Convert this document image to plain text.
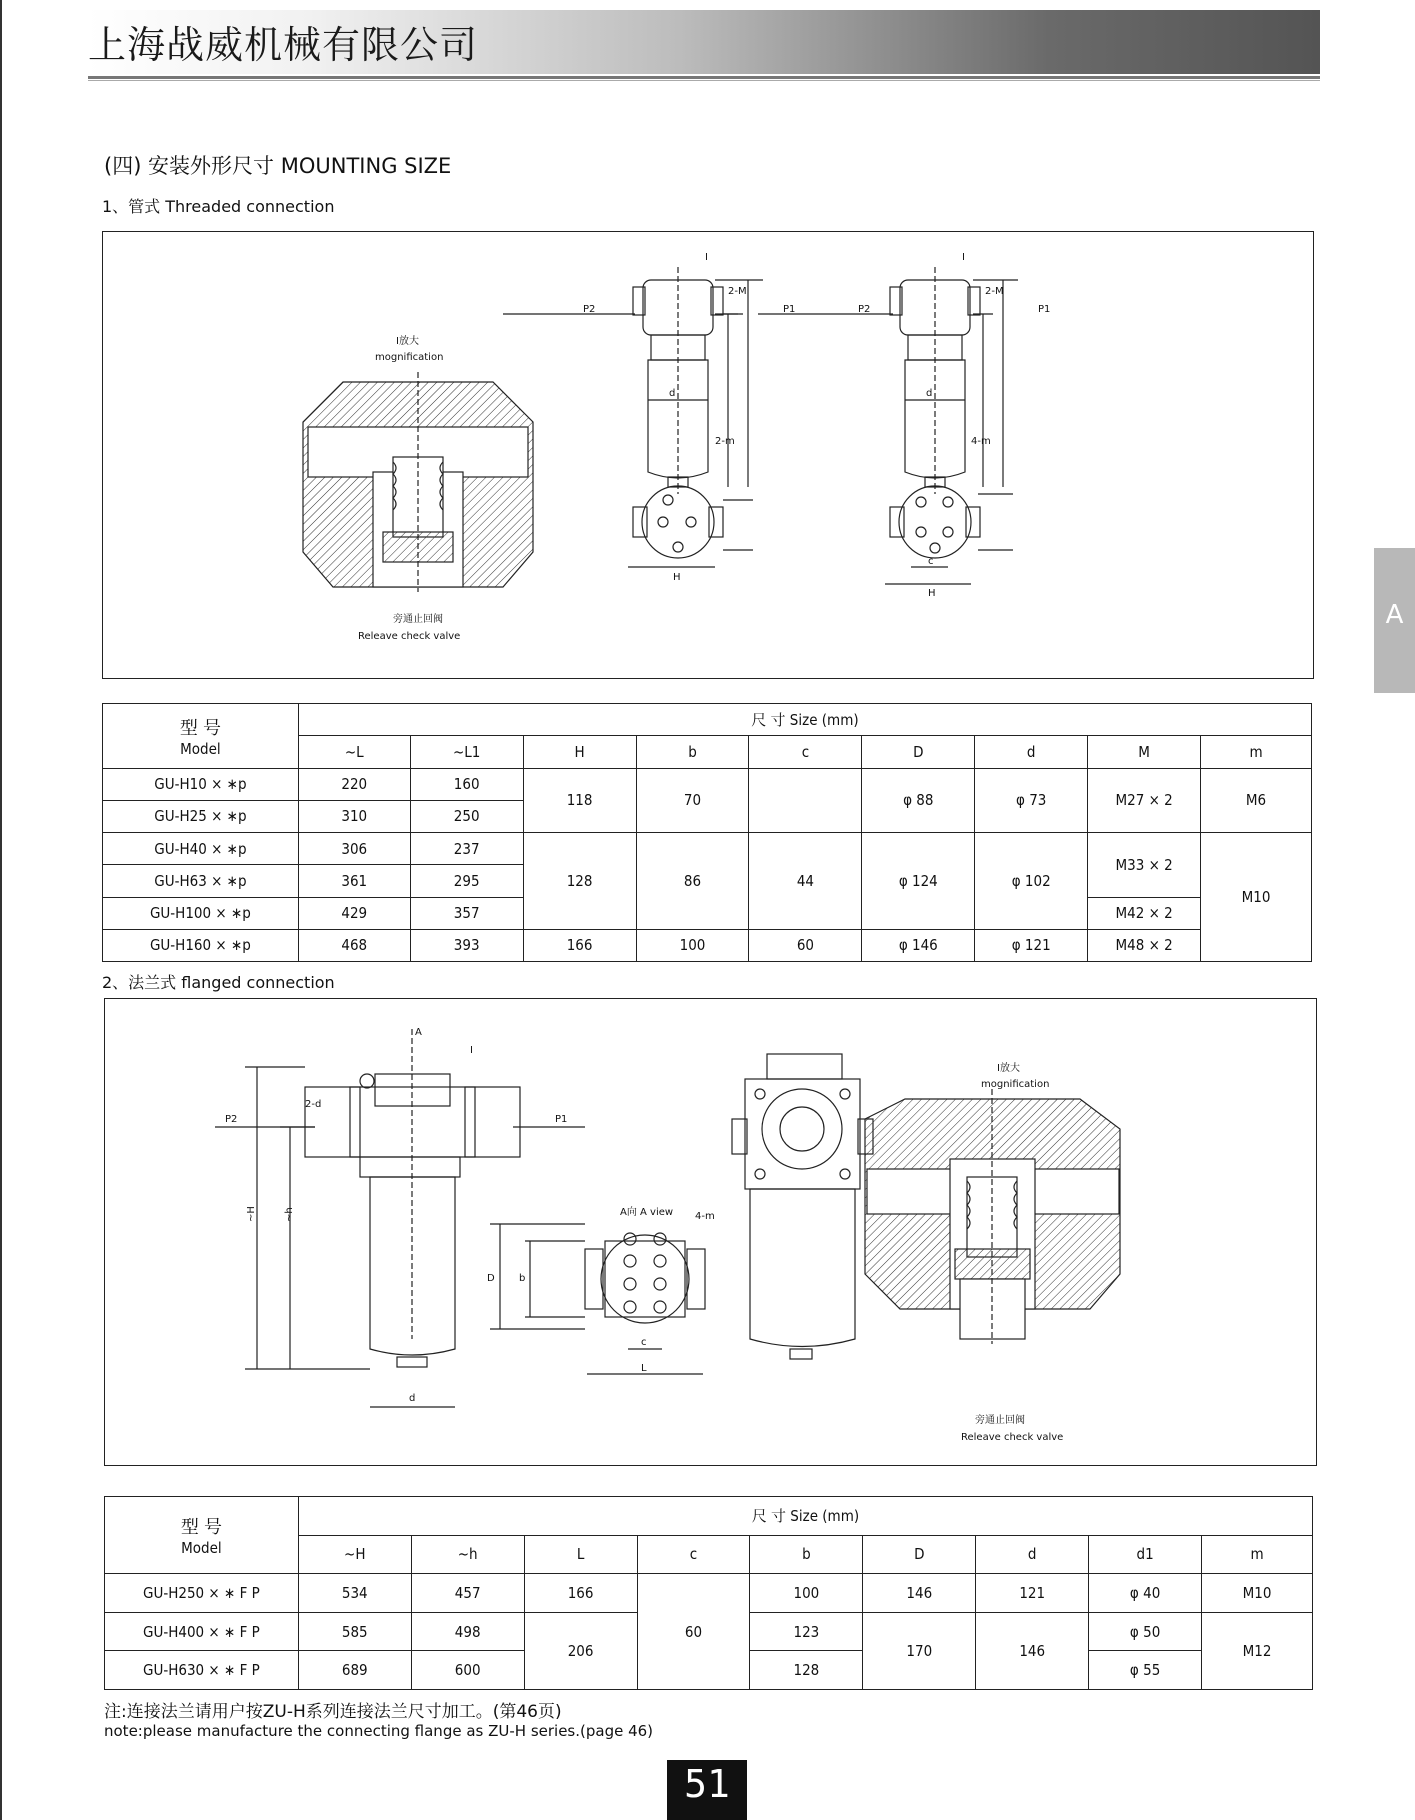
上海战威机械有限公司
A
(四) 安装外形尺寸 MOUNTING SIZE
1、管式 Threaded connection
I放大
mognification
旁通止回阀
Releave check valve
I
2-M
P2	P1
d
2-m
H
I
2-M
P2	P1
d
4-m
c
H
型 号
Model	尺 寸 Size (mm)								
	~L	~L1	H	b	c	D	d	M	m
GU-H10 × ∗p	220	160	118	70		φ 88	φ 73	M27 × 2	M6
GU-H25 × ∗p	310	250							
GU-H40 × ∗p	306	237	128	86	44	φ 124	φ 102	M33 × 2	M10
GU-H63 × ∗p	361	295							
GU-H100 × ∗p	429	357						M42 × 2	
GU-H160 × ∗p	468	393	166	100	60	φ 146	φ 121	M48 × 2	
2、法兰式 flanged connection
A
I
2-d
P2	P1
~H	~h
d
A向 A view 4-m
D b
c
L
I放大
mognification
旁通止回阀
Releave check valve
型 号
Model	尺 寸 Size (mm)								
	~H	~h	L	c	b	D	d	d1	m
GU-H250 × ∗ F P	534	457	166	60	100	146	121	φ 40	M10
GU-H400 × ∗ F P	585	498	206		123	170	146	φ 50	M12
GU-H630 × ∗ F P	689	600			128			φ 55	
注:连接法兰请用户按ZU-H系列连接法兰尺寸加工。(第46页)
note:please manufacture the connecting flange as ZU-H series.(page 46)
51
